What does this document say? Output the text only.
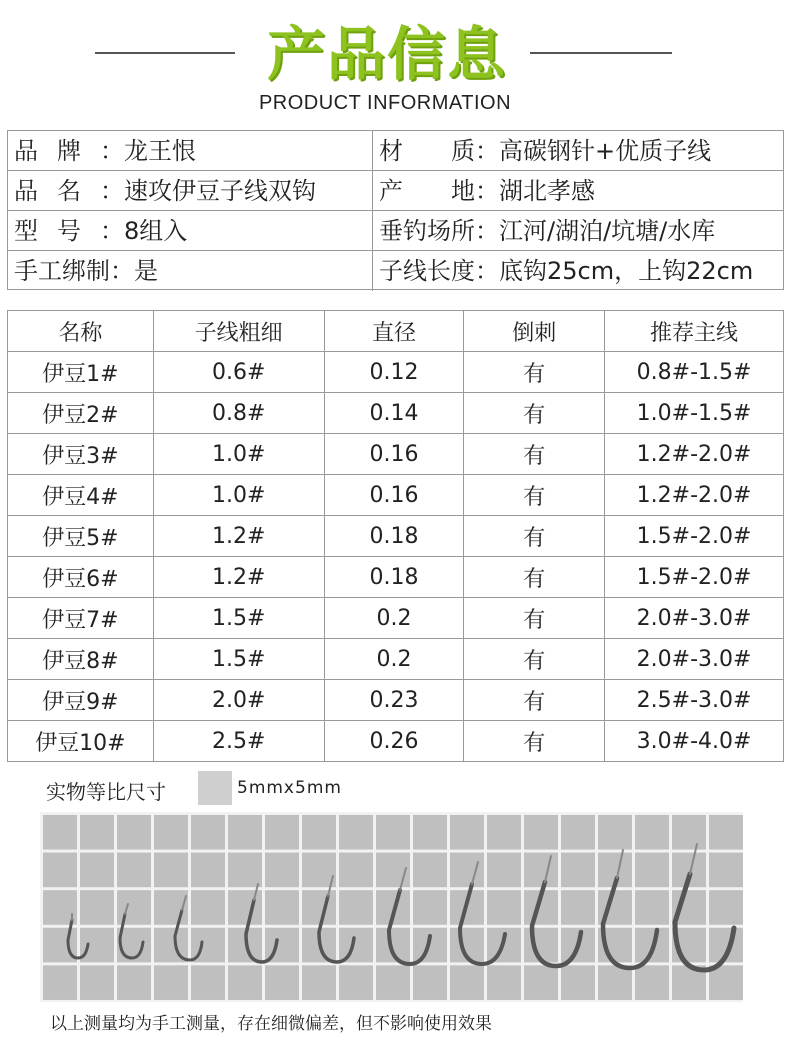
产品信息
PRODUCT INFORMATION
品牌：龙王恨	材　　质：高碳钢针+优质子线
品名：速攻伊豆子线双钩	产　　地：湖北孝感
型号：8组入	垂钓场所：江河/湖泊/坑塘/水库
手工绑制：是	子线长度：底钩25cm，上钩22cm
名称	子线粗细	直径	倒刺	推荐主线
伊豆1#	0.6#	0.12	有	0.8#-1.5#
伊豆2#	0.8#	0.14	有	1.0#-1.5#
伊豆3#	1.0#	0.16	有	1.2#-2.0#
伊豆4#	1.0#	0.16	有	1.2#-2.0#
伊豆5#	1.2#	0.18	有	1.5#-2.0#
伊豆6#	1.2#	0.18	有	1.5#-2.0#
伊豆7#	1.5#	0.2	有	2.0#-3.0#
伊豆8#	1.5#	0.2	有	2.0#-3.0#
伊豆9#	2.0#	0.23	有	2.5#-3.0#
伊豆10#	2.5#	0.26	有	3.0#-4.0#
实物等比尺寸	5mmx5mm
以上测量均为手工测量，存在细微偏差，但不影响使用效果
